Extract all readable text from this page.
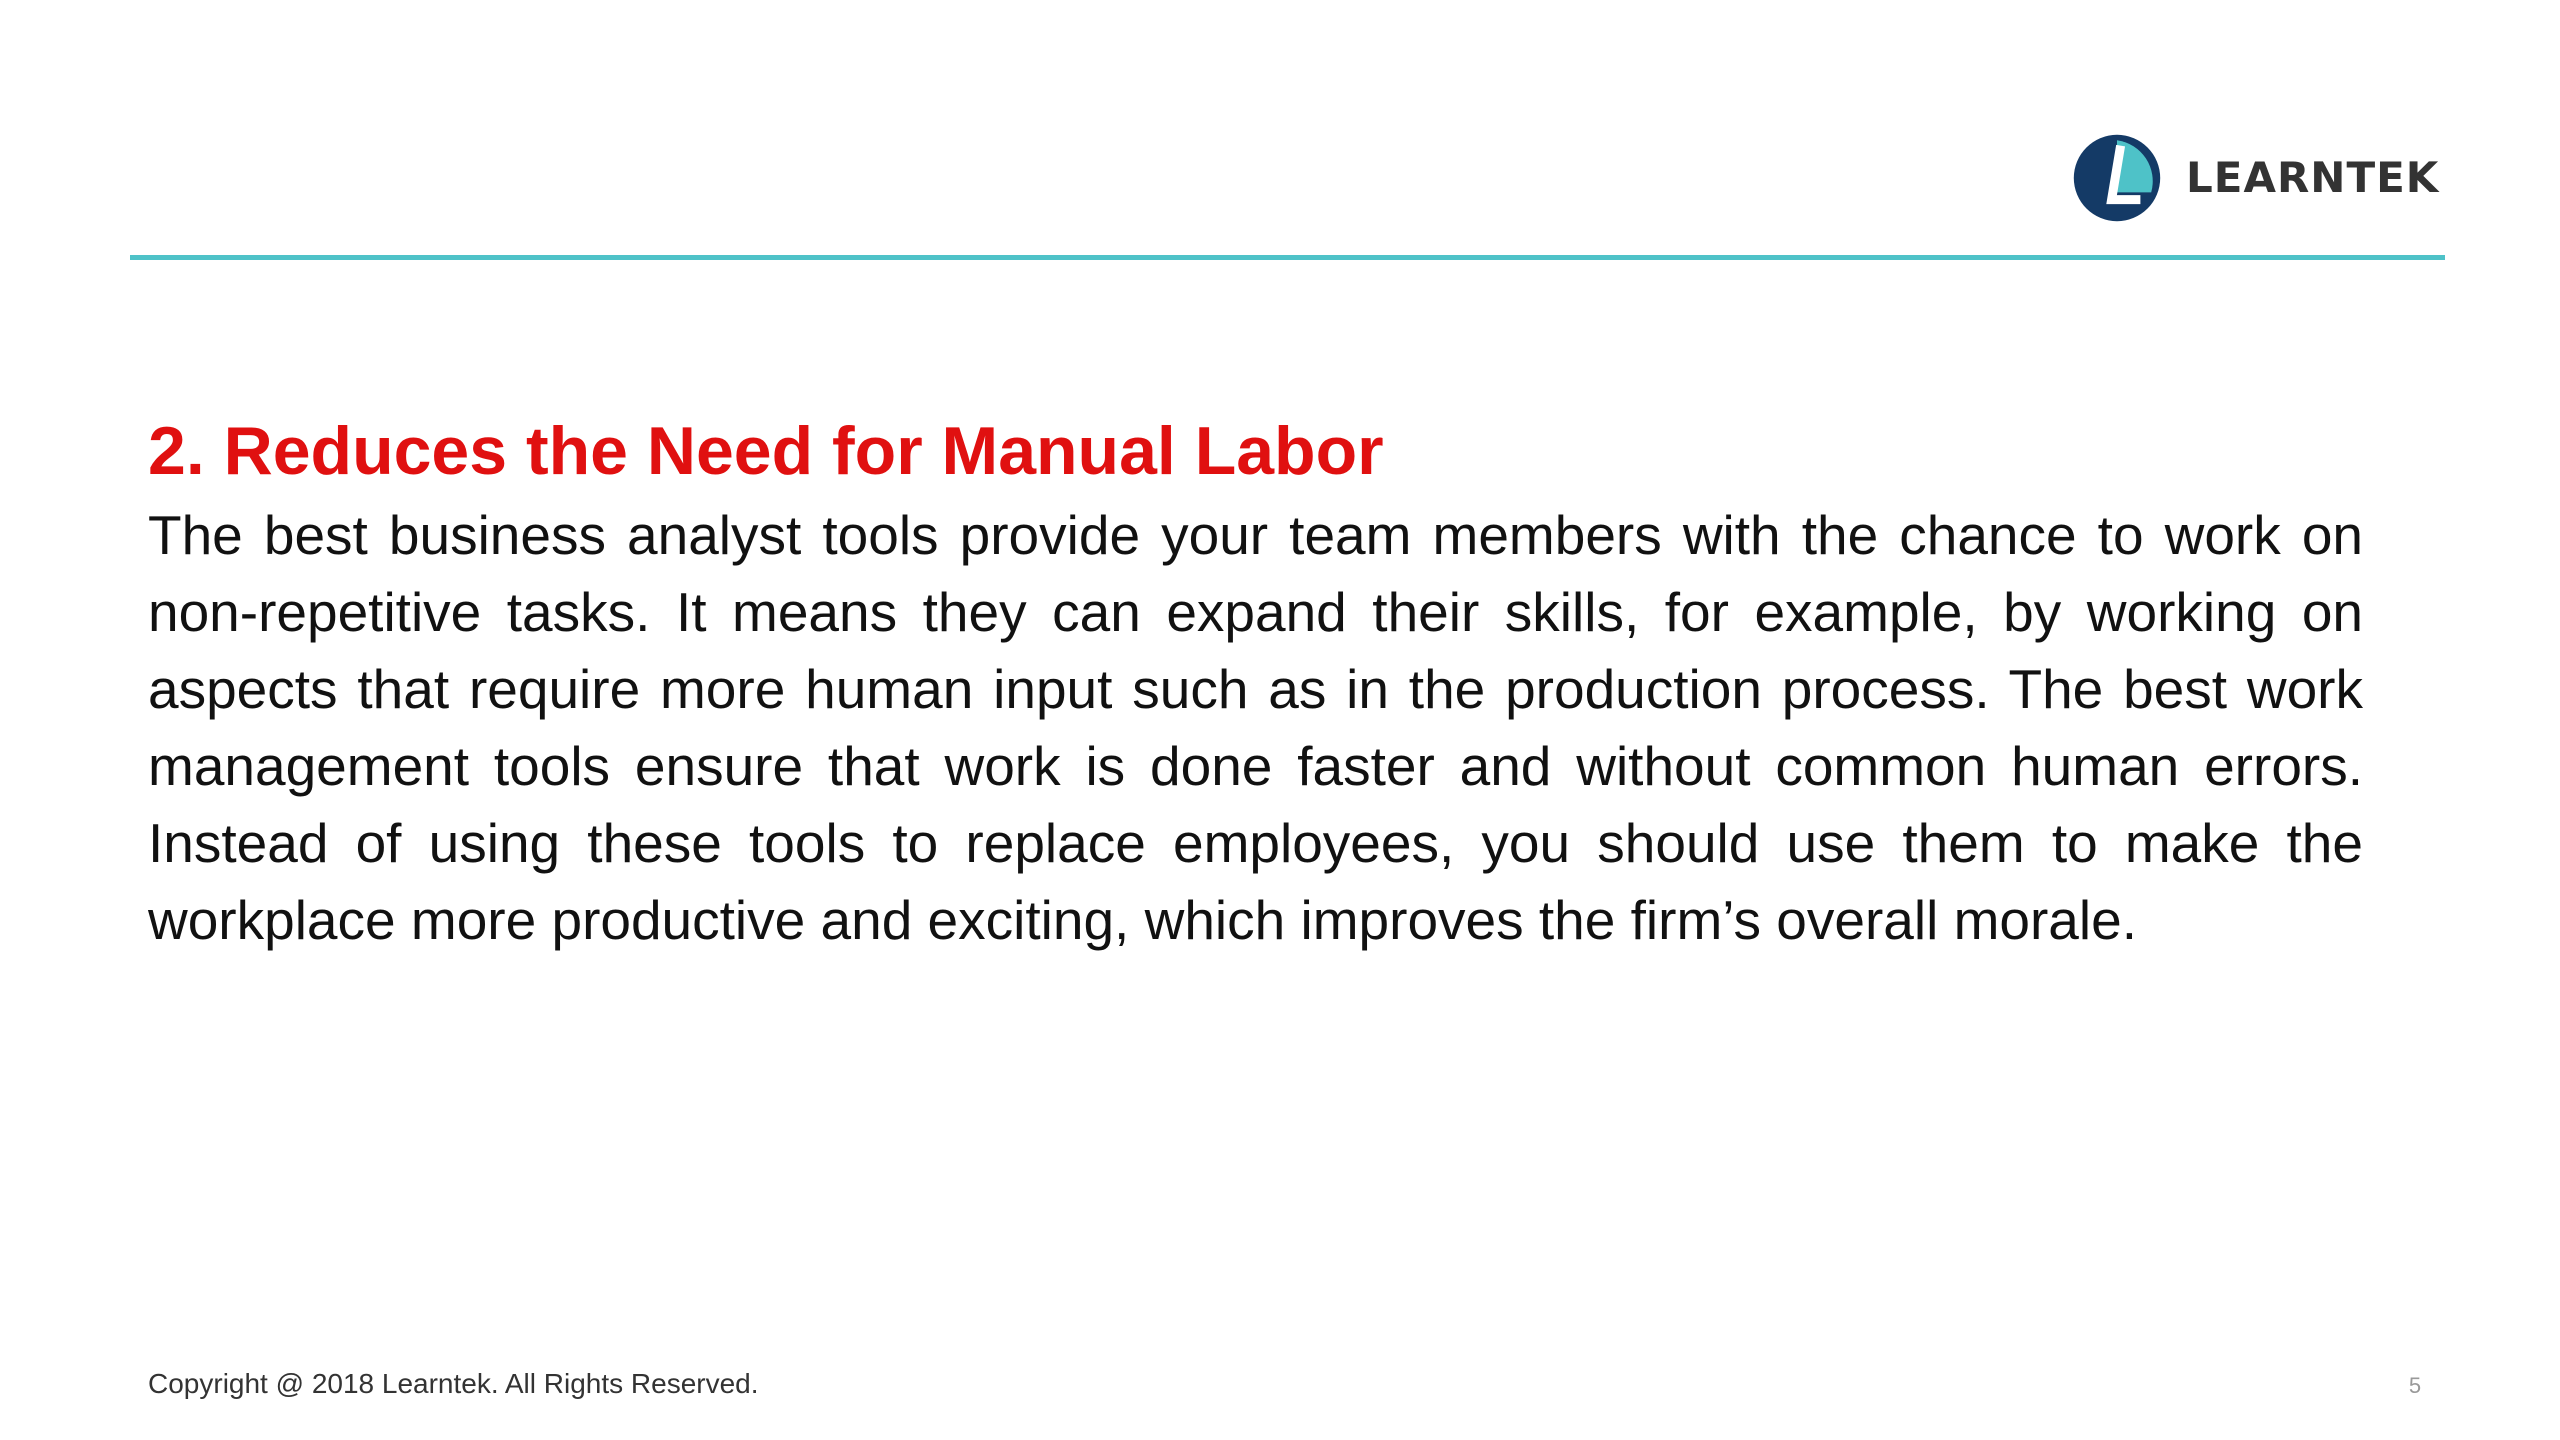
LEARNTEK
2. Reduces the Need for Manual Labor

The best business analyst tools provide your team members with the chance to work on non-repetitive tasks. It means they can expand their skills, for example, by working on aspects that require more human input such as in the production process. The best work management tools ensure that work is done faster and without common human errors. Instead of using these tools to replace employees, you should use them to make the workplace more productive and exciting, which improves the firm’s overall morale.

Copyright @ 2018 Learntek. All Rights Reserved.	5
